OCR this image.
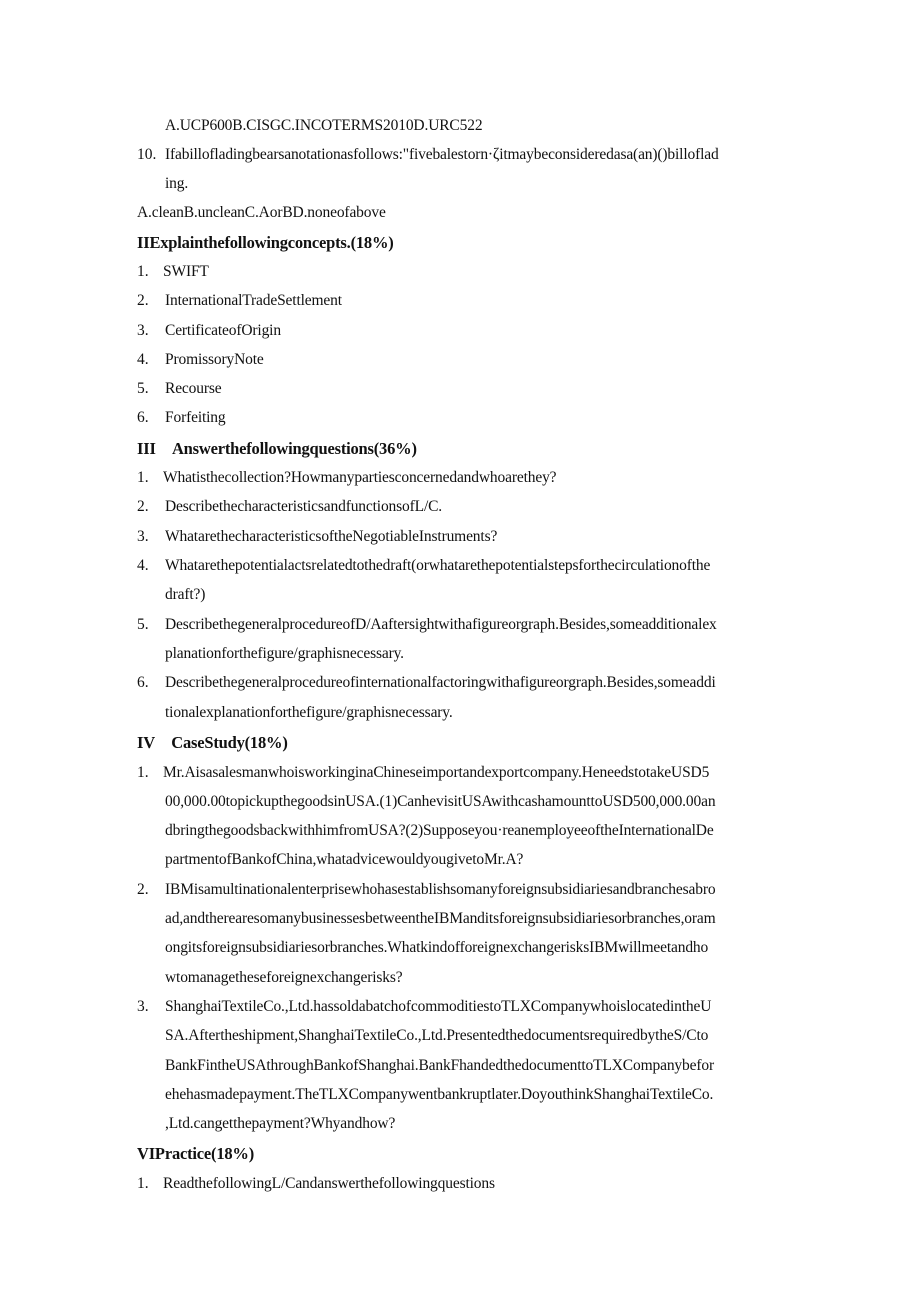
A.UCP600B.CISGC.INCOTERMS2010D.URC522
10. Ifabillofladingbearsanotationasfollows:"fivebalestorn·ζitmaybeconsideredasa(an)()billoflad
ing.
A.cleanB.uncleanC.AorBD.noneofabove
IIExplainthefollowingconcepts.(18%)
1. SWIFT
2. InternationalTradeSettlement
3. CertificateofOrigin
4. PromissoryNote
5. Recourse
6. Forfeiting
III Answerthefollowingquestions(36%)
1. Whatisthecollection?Howmanypartiesconcernedandwhoarethey?
2. DescribethecharacteristicsandfunctionsofL/C.
3. WhatarethecharacteristicsoftheNegotiableInstruments?
4. Whatarethepotentialactsrelatedtothedraft(orwhatarethepotentialstepsforthecirculationofthe
draft?)
5. DescribethegeneralprocedureofD/Aaftersightwithafigureorgraph.Besides,someadditionalex
planationforthefigure/graphisnecessary.
6. Describethegeneralprocedureofinternationalfactoringwithafigureorgraph.Besides,someaddi
tionalexplanationforthefigure/graphisnecessary.
IV CaseStudy(18%)
1. Mr.AisasalesmanwhoisworkinginaChineseimportandexportcompany.HeneedstotakeUSD5
00,000.00topickupthegoodsinUSA.(1)CanhevisitUSAwithcashamounttoUSD500,000.00an
dbringthegoodsbackwithhimfromUSA?(2)Supposeyou·reanemployeeoftheInternationalDe
partmentofBankofChina,whatadvicewouldyougivetoMr.A?
2. IBMisamultinationalenterprisewhohasestablishsomanyforeignsubsidiariesandbranchesabro
ad,andtherearesomanybusinessesbetweentheIBManditsforeignsubsidiariesorbranches,oram
ongitsforeignsubsidiariesorbranches.WhatkindofforeignexchangerisksIBMwillmeetandho
wtomanagetheseforeignexchangerisks?
3. ShanghaiTextileCo.,Ltd.hassoldabatchofcommoditiestoTLXCompanywhoislocatedintheU
SA.Aftertheshipment,ShanghaiTextileCo.,Ltd.PresentedthedocumentsrequiredbytheS/Cto
BankFintheUSAthroughBankofShanghai.BankFhandedthedocumenttoTLXCompanybefor
ehehasmadepayment.TheTLXCompanywentbankruptlater.DoyouthinkShanghaiTextileCo.
,Ltd.cangetthepayment?Whyandhow?
VIPractice(18%)
1. ReadthefollowingL/Candanswerthefollowingquestions
